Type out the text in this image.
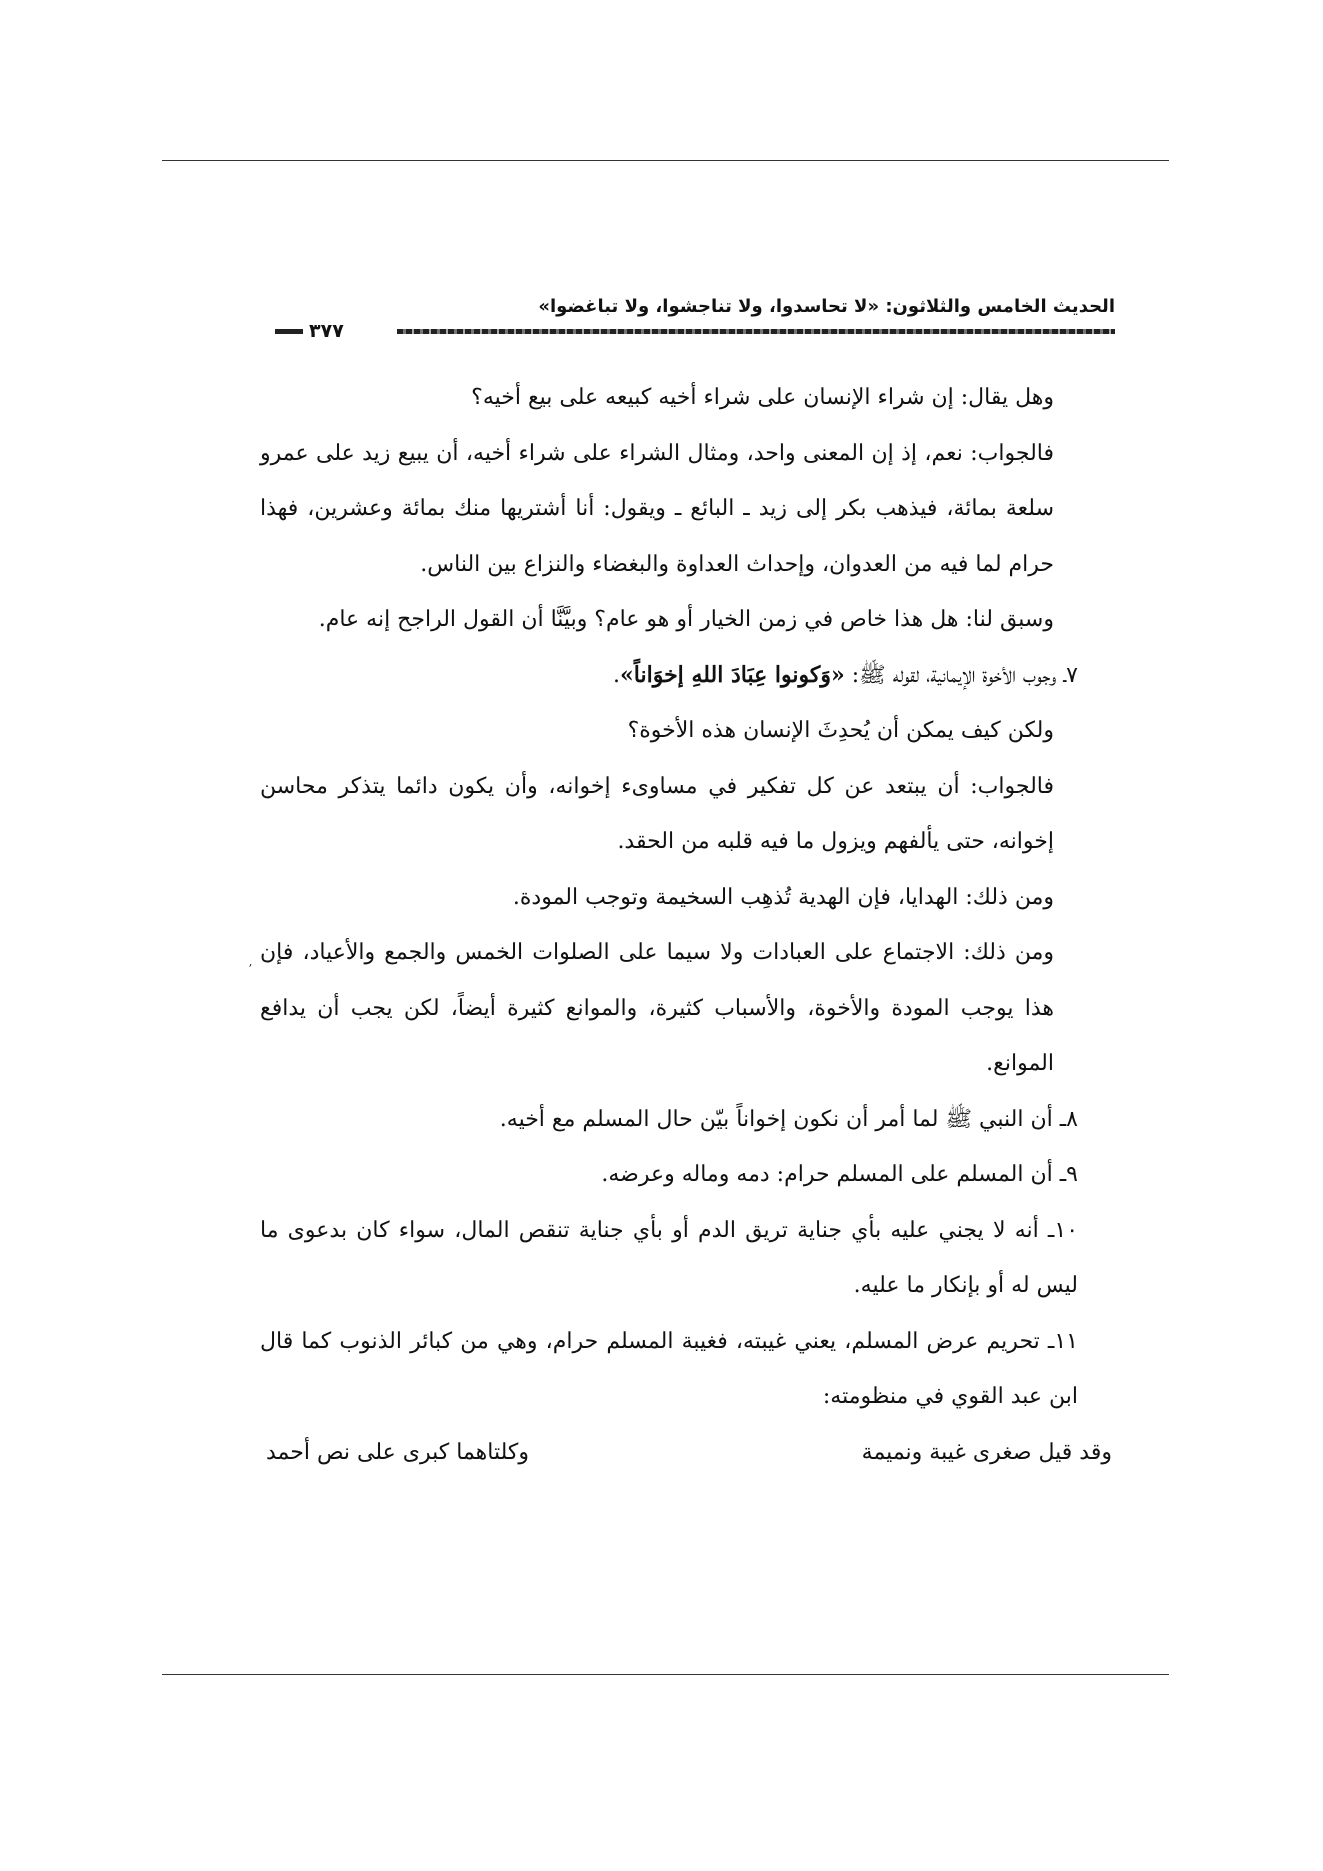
الحديث الخامس والثلاثون: «لا تحاسدوا، ولا تناجشوا، ولا تباغضوا»
٣٧٧
ʼ

وهل يقال: إن شراء الإنسان على شراء أخيه كبيعه على بيع أخيه؟

فالجواب: نعم، إذ إن المعنى واحد، ومثال الشراء على شراء أخيه، أن يبيع زيد على عمرو سلعة بمائة، فيذهب بكر إلى زيد ـ البائع ـ ويقول: أنا أشتريها منك بمائة وعشرين، فهذا حرام لما فيه من العدوان، وإحداث العداوة والبغضاء والنزاع بين الناس.

وسبق لنا: هل هذا خاص في زمن الخيار أو هو عام؟ وبيَّنَّا أن القول الراجح إنه عام.

٧ـ وجوب الأخوة الإيمانية، لقوله ﷺ: «وَكونوا عِبَادَ اللهِ إخوَاناً».

ولكن كيف يمكن أن يُحدِثَ الإنسان هذه الأخوة؟

فالجواب: أن يبتعد عن كل تفكير في مساوىء إخوانه، وأن يكون دائما يتذكر محاسن إخوانه، حتى يألفهم ويزول ما فيه قلبه من الحقد.

ومن ذلك: الهدايا، فإن الهدية تُذهِب السخيمة وتوجب المودة.

ومن ذلك: الاجتماع على العبادات ولا سيما على الصلوات الخمس والجمع والأعياد، فإن هذا يوجب المودة والأخوة، والأسباب كثيرة، والموانع كثيرة أيضاً، لكن يجب أن يدافع الموانع.

٨ـ أن النبي ﷺ لما أمر أن نكون إخواناً بيّن حال المسلم مع أخيه.

٩ـ أن المسلم على المسلم حرام: دمه وماله وعرضه.

١٠ـ أنه لا يجني عليه بأي جناية تريق الدم أو بأي جناية تنقص المال، سواء كان بدعوى ما ليس له أو بإنكار ما عليه.

١١ـ تحريم عرض المسلم، يعني غيبته، فغيبة المسلم حرام، وهي من كبائر الذنوب كما قال ابن عبد القوي في منظومته:

وقد قيل صغرى غيبة ونميمة
وكلتاهما كبرى على نص أحمد
